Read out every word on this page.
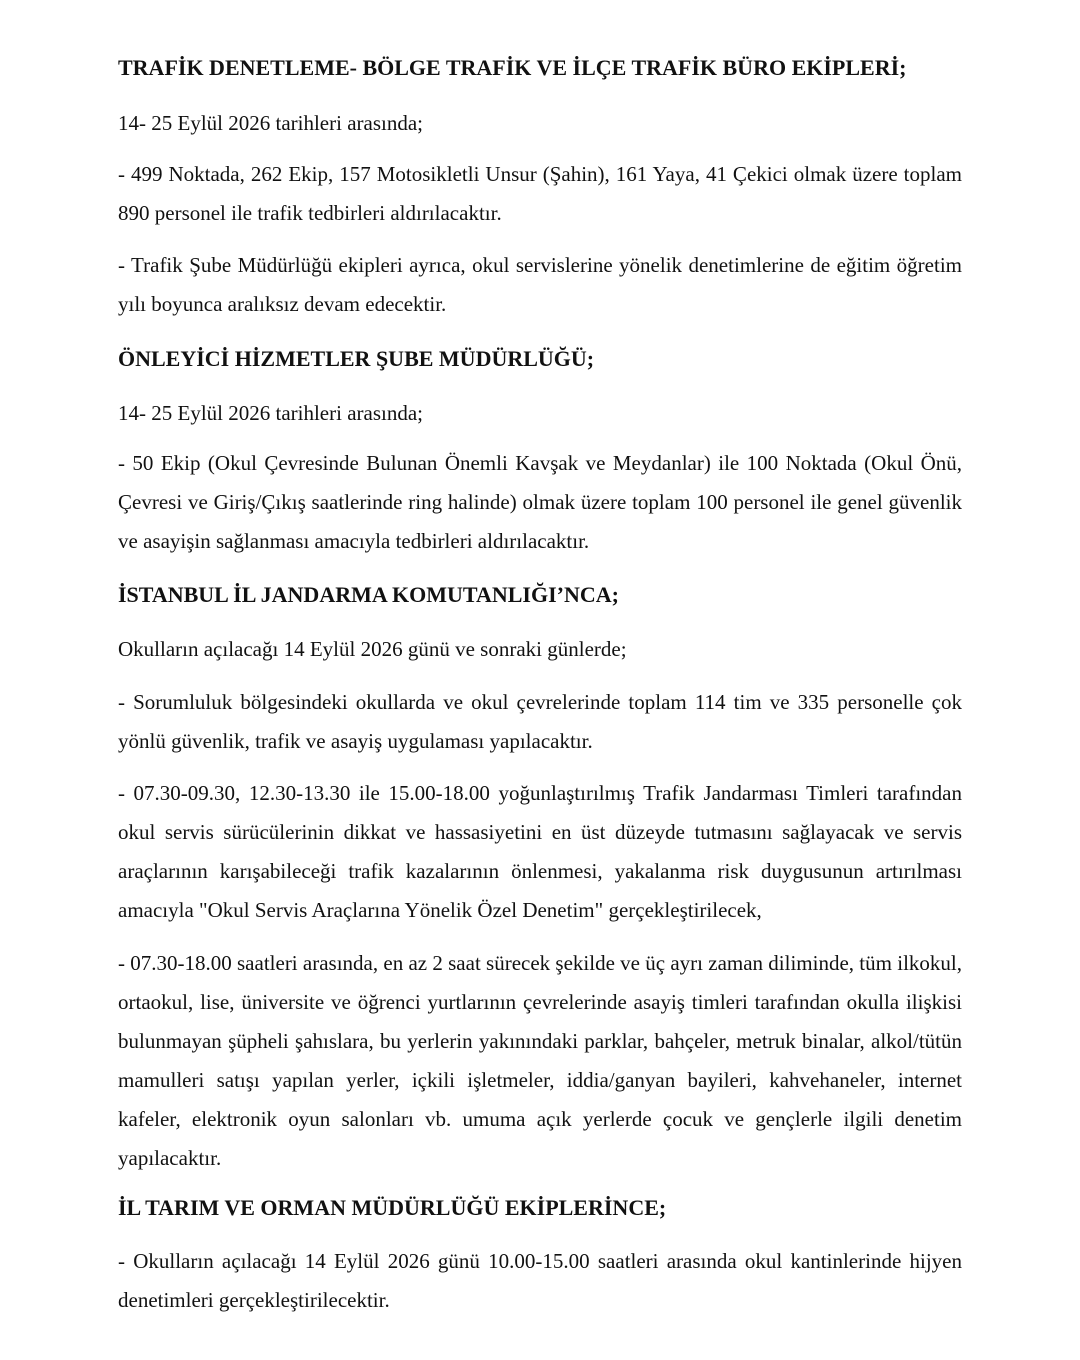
TRAFİK DENETLEME- BÖLGE TRAFİK VE İLÇE TRAFİK BÜRO EKİPLERİ;
14- 25 Eylül 2026 tarihleri arasında;

- 499 Noktada, 262 Ekip, 157 Motosikletli Unsur (Şahin), 161 Yaya, 41 Çekici olmak üzere toplam 890 personel ile trafik tedbirleri aldırılacaktır.

- Trafik Şube Müdürlüğü ekipleri ayrıca, okul servislerine yönelik denetimlerine de eğitim öğretim yılı boyunca aralıksız devam edecektir.

ÖNLEYİCİ HİZMETLER ŞUBE MÜDÜRLÜĞÜ;
14- 25 Eylül 2026 tarihleri arasında;

- 50 Ekip (Okul Çevresinde Bulunan Önemli Kavşak ve Meydanlar) ile 100 Noktada (Okul Önü, Çevresi ve Giriş/Çıkış saatlerinde ring halinde) olmak üzere toplam 100 personel ile genel güvenlik ve asayişin sağlanması amacıyla tedbirleri aldırılacaktır.

İSTANBUL İL JANDARMA KOMUTANLIĞI’NCA;
Okulların açılacağı 14 Eylül 2026 günü ve sonraki günlerde;

- Sorumluluk bölgesindeki okullarda ve okul çevrelerinde toplam 114 tim ve 335 personelle çok yönlü güvenlik, trafik ve asayiş uygulaması yapılacaktır.

- 07.30-09.30, 12.30-13.30 ile 15.00-18.00 yoğunlaştırılmış Trafik Jandarması Timleri tarafından okul servis sürücülerinin dikkat ve hassasiyetini en üst düzeyde tutmasını sağlayacak ve servis araçlarının karışabileceği trafik kazalarının önlenmesi, yakalanma risk duygusunun artırılması amacıyla "Okul Servis Araçlarına Yönelik Özel Denetim" gerçekleştirilecek,

- 07.30-18.00 saatleri arasında, en az 2 saat sürecek şekilde ve üç ayrı zaman diliminde, tüm ilkokul, ortaokul, lise, üniversite ve öğrenci yurtlarının çevrelerinde asayiş timleri tarafından okulla ilişkisi bulunmayan şüpheli şahıslara, bu yerlerin yakınındaki parklar, bahçeler, metruk binalar, alkol/tütün mamulleri satışı yapılan yerler, içkili işletmeler, iddia/ganyan bayileri, kahvehaneler, internet kafeler, elektronik oyun salonları vb. umuma açık yerlerde çocuk ve gençlerle ilgili denetim yapılacaktır.

İL TARIM VE ORMAN MÜDÜRLÜĞÜ EKİPLERİNCE;

- Okulların açılacağı 14 Eylül 2026 günü 10.00-15.00 saatleri arasında okul kantinlerinde hijyen denetimleri gerçekleştirilecektir.
